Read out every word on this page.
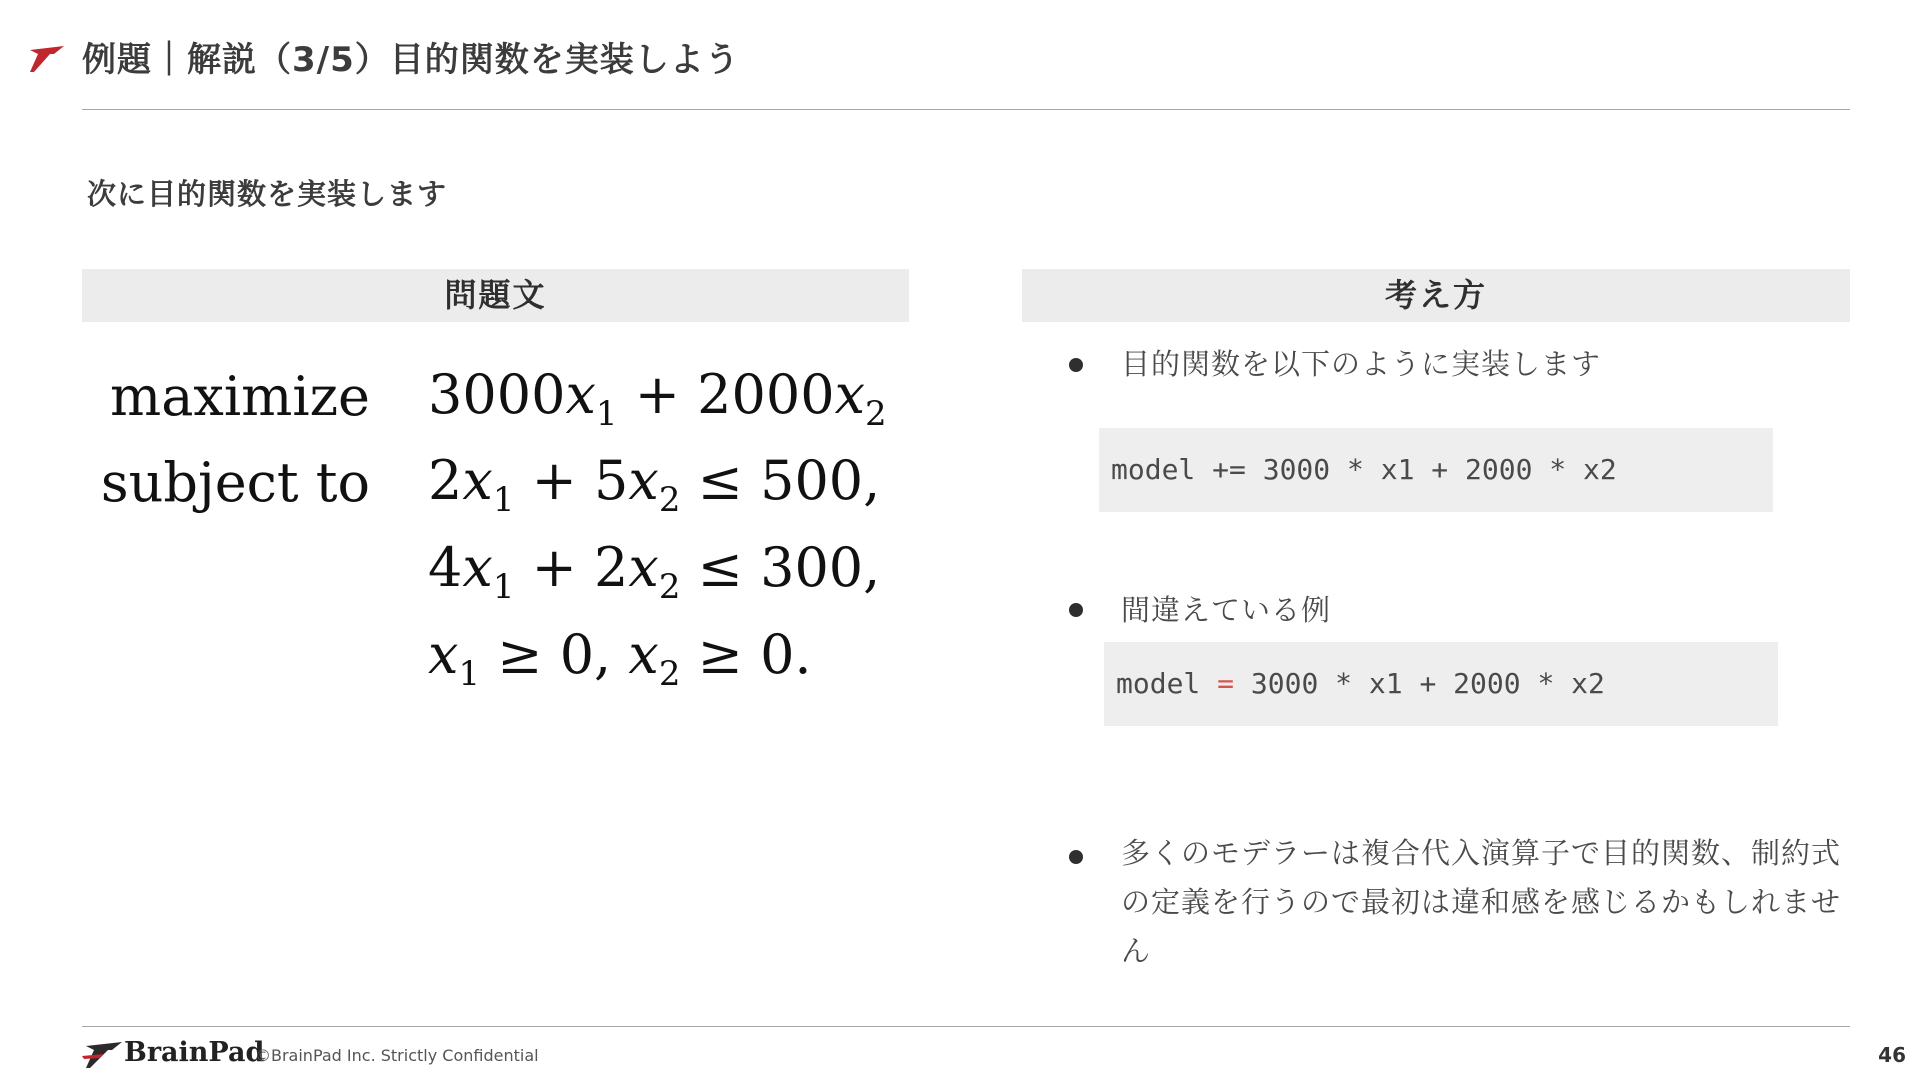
例題｜解説（3/5）目的関数を実装しよう
次に目的関数を実装します
問題文
maximize $3000x_1 + 2000x_2$
subject to $2x_1 + 5x_2 \le 500$,
$4x_1 + 2x_2 \le 300$,
$x_1 \ge 0$, $x_2 \ge 0$.
考え方
目的関数を以下のように実装します
model += 3000 * x1 + 2000 * x2
間違えている例
model = 3000 * x1 + 2000 * x2
多くのモデラーは複合代入演算子で目的関数、制約式の定義を行うので最初は違和感を感じるかもしれません
BrainPad
©BrainPad Inc. Strictly Confidential	46
